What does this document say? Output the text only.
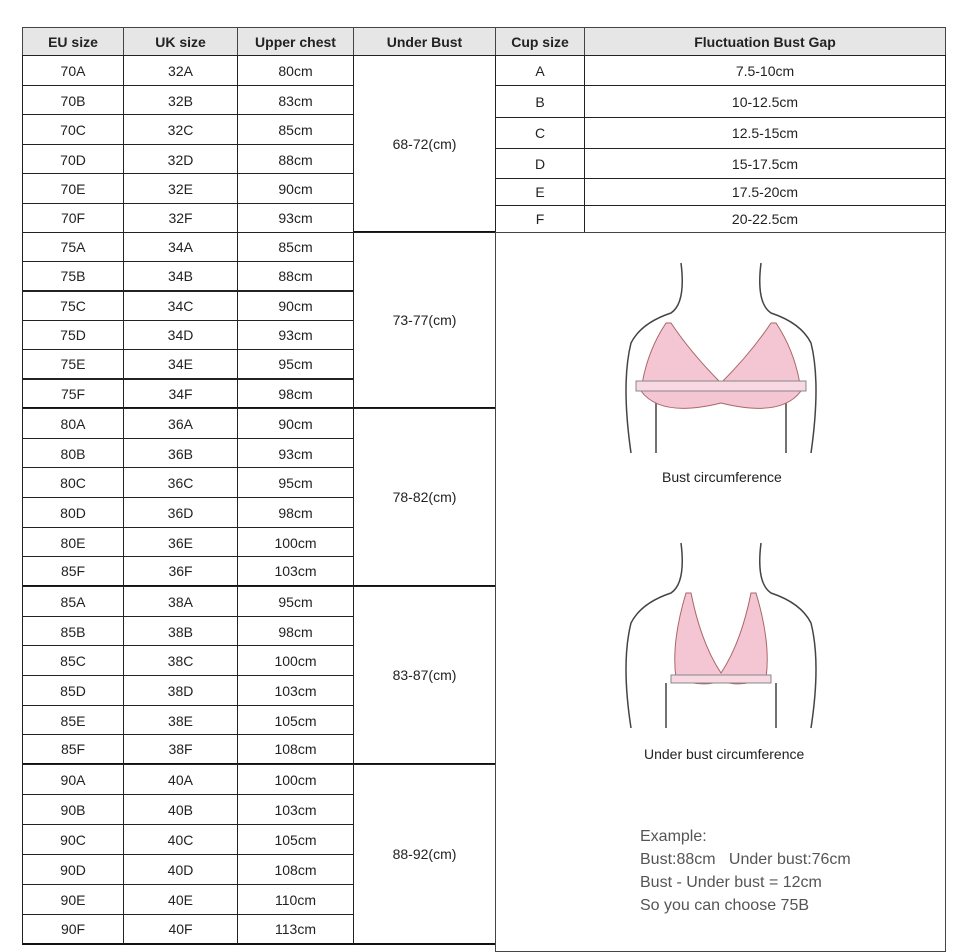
EU size	UK size	Upper chest	Under Bust
70A	32A	80cm
70B	32B	83cm
70C	32C	85cm
70D	32D	88cm
70E	32E	90cm
70F	32F	93cm
68-72(cm)
75A	34A	85cm
75B	34B	88cm
75C	34C	90cm
75D	34D	93cm
75E	34E	95cm
75F	34F	98cm
73-77(cm)
80A	36A	90cm
80B	36B	93cm
80C	36C	95cm
80D	36D	98cm
80E	36E	100cm
85F	36F	103cm
78-82(cm)
85A	38A	95cm
85B	38B	98cm
85C	38C	100cm
85D	38D	103cm
85E	38E	105cm
85F	38F	108cm
83-87(cm)
90A	40A	100cm
90B	40B	103cm
90C	40C	105cm
90D	40D	108cm
90E	40E	110cm
90F	40F	113cm
88-92(cm)
Cup size	Fluctuation Bust Gap
A	7.5-10cm
B	10-12.5cm
C	12.5-15cm
D	15-17.5cm
E	17.5-20cm
F	20-22.5cm
Bust circumference
Under bust circumference
Example:
Bust:88cm   Under bust:76cm
Bust - Under bust = 12cm
So you can choose 75B
